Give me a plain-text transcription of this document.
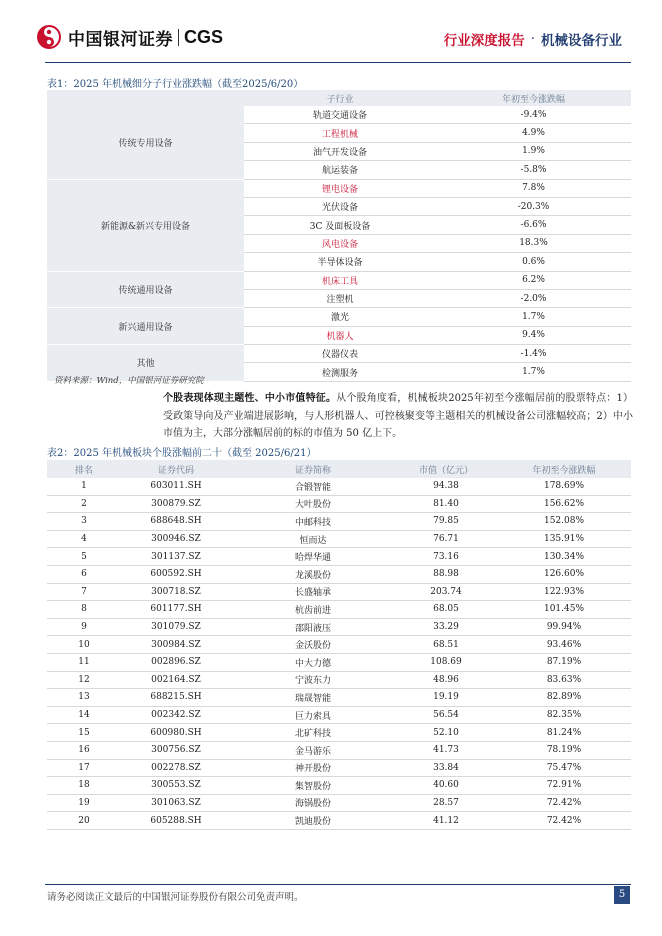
中国银河证券 CGS	行业深度报告 · 机械设备行业
表1：2025 年机械细分子行业涨跌幅（截至2025/6/20）
	子行业	年初至今涨跌幅
传统专用设备	轨道交通设备	-9.4%
	工程机械	4.9%
	油气开发设备	1.9%
	航运装备	-5.8%
新能源&新兴专用设备	锂电设备	7.8%
	光伏设备	-20.3%
	3C 及面板设备	-6.6%
	风电设备	18.3%
	半导体设备	0.6%
传统通用设备	机床工具	6.2%
	注塑机	-2.0%
新兴通用设备	激光	1.7%
	机器人	9.4%
其他	仪器仪表	-1.4%
	检测服务	1.7%
资料来源：Wind，中国银河证券研究院
个股表现体现主题性、中小市值特征。从个股角度看，机械板块2025年初至今涨幅居前的股票特点：1）受政策导向及产业端进展影响，与人形机器人、可控核聚变等主题相关的机械设备公司涨幅较高；2）中小市值为主，大部分涨幅居前的标的市值为 50 亿上下。
表2：2025 年机械板块个股涨幅前二十（截至 2025/6/21）
排名	证券代码	证券简称	市值（亿元）	年初至今涨跌幅
1	603011.SH	合锻智能	94.38	178.69%
2	300879.SZ	大叶股份	81.40	156.62%
3	688648.SH	中邮科技	79.85	152.08%
4	300946.SZ	恒而达	76.71	135.91%
5	301137.SZ	哈焊华通	73.16	130.34%
6	600592.SH	龙溪股份	88.98	126.60%
7	300718.SZ	长盛轴承	203.74	122.93%
8	601177.SH	杭齿前进	68.05	101.45%
9	301079.SZ	邵阳液压	33.29	99.94%
10	300984.SZ	金沃股份	68.51	93.46%
11	002896.SZ	中大力德	108.69	87.19%
12	002164.SZ	宁波东力	48.96	83.63%
13	688215.SH	瑞晟智能	19.19	82.89%
14	002342.SZ	巨力索具	56.54	82.35%
15	600980.SH	北矿科技	52.10	81.24%
16	300756.SZ	金马游乐	41.73	78.19%
17	002278.SZ	神开股份	33.84	75.47%
18	300553.SZ	集智股份	40.60	72.91%
19	301063.SZ	海锅股份	28.57	72.42%
20	605288.SH	凯迪股份	41.12	72.42%
请务必阅读正文最后的中国银河证券股份有限公司免责声明。	5
